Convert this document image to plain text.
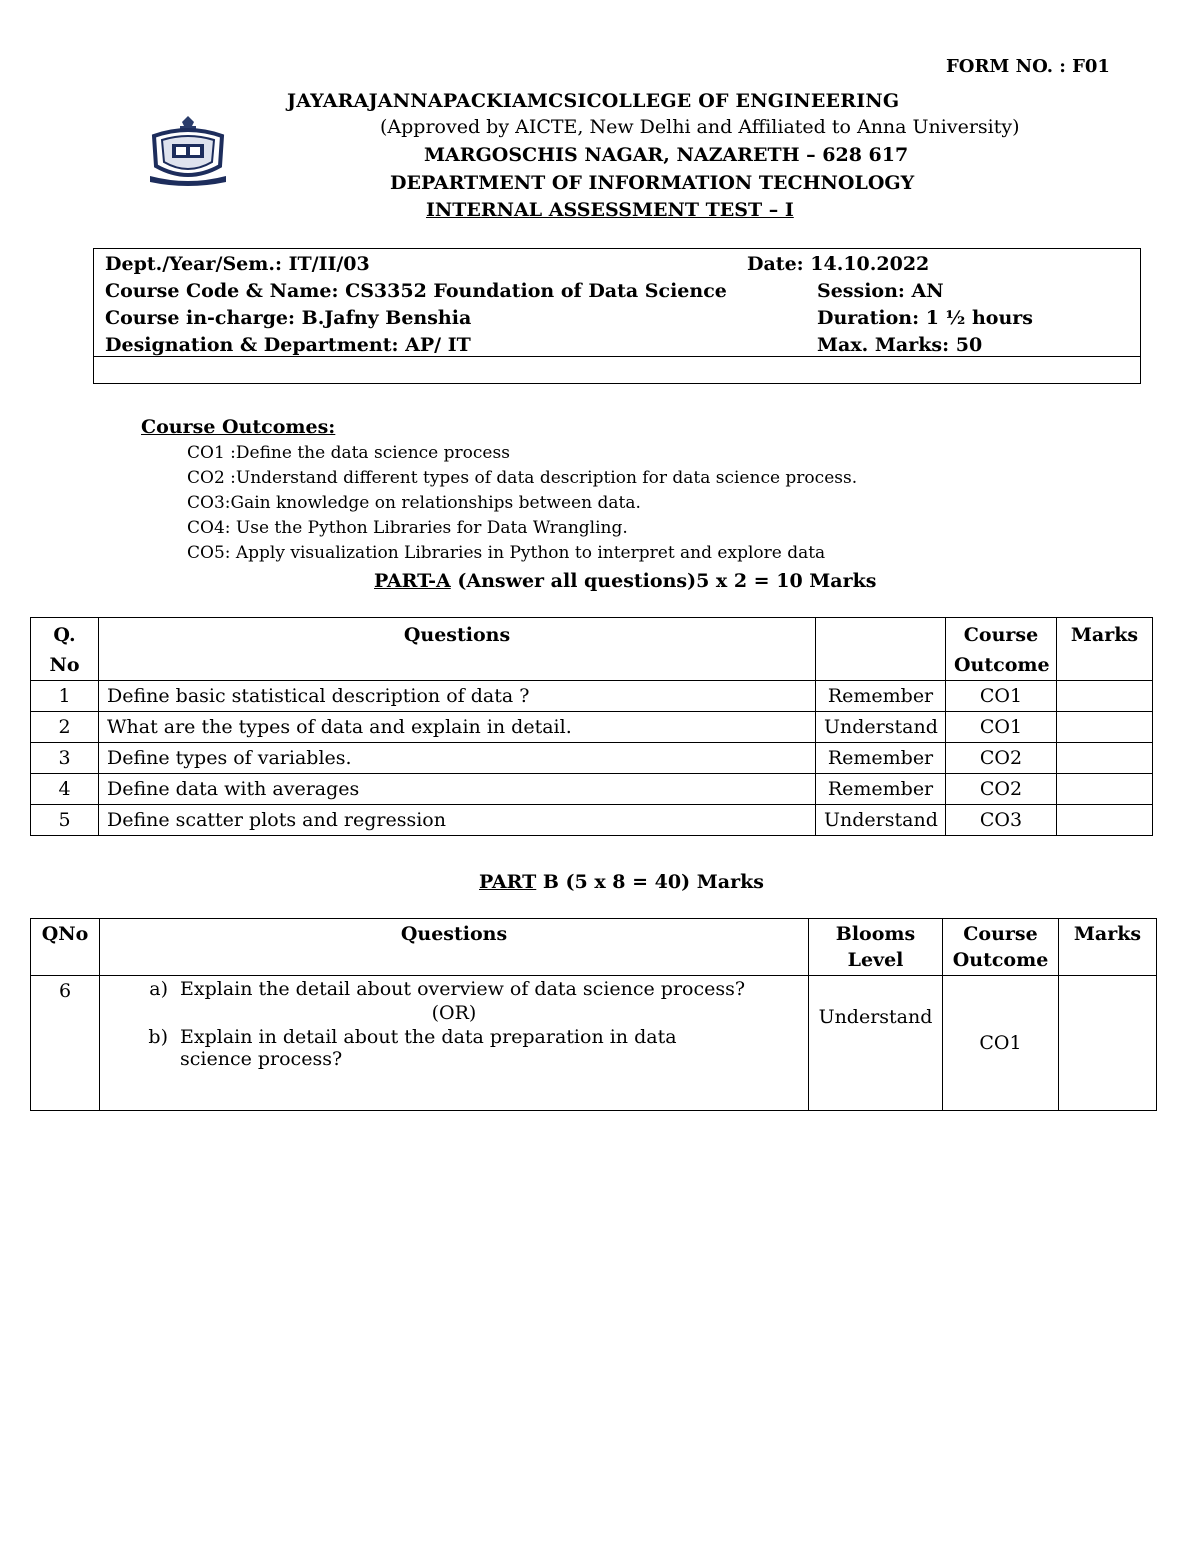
FORM NO. : F01
JAYARAJANNAPACKIAMCSICOLLEGE OF ENGINEERING
(Approved by AICTE, New Delhi and Affiliated to Anna University)
MARGOSCHIS NAGAR, NAZARETH – 628 617
DEPARTMENT OF INFORMATION TECHNOLOGY
INTERNAL ASSESSMENT TEST – I
Dept./Year/Sem.: IT/II/03	Date: 14.10.2022
Course Code & Name: CS3352 Foundation of Data Science	Session: AN
Course in-charge: B.Jafny Benshia	Duration: 1 ½ hours
Designation & Department: AP/ IT	Max. Marks: 50
Course Outcomes:
CO1 :Define the data science process
CO2 :Understand different types of data description for data science process.
CO3:Gain knowledge on relationships between data.
CO4: Use the Python Libraries for Data Wrangling.
CO5: Apply visualization Libraries in Python to interpret and explore data
PART-A (Answer all questions)5 x 2 = 10 Marks
Q. No	Questions		Course Outcome	Marks
1	Define basic statistical description of data ?	Remember	CO1	
2	What are the types of data and explain in detail.	Understand	CO1	
3	Define types of variables.	Remember	CO2	
4	Define data with averages	Remember	CO2	
5	Define scatter plots and regression	Understand	CO3	
PART B (5 x 8 = 40) Marks
QNo	Questions	Blooms Level	Course Outcome	Marks
6	a) Explain the detail about overview of data science process?
(OR)
b) Explain in detail about the data preparation in data science process?	Understand	CO1	
